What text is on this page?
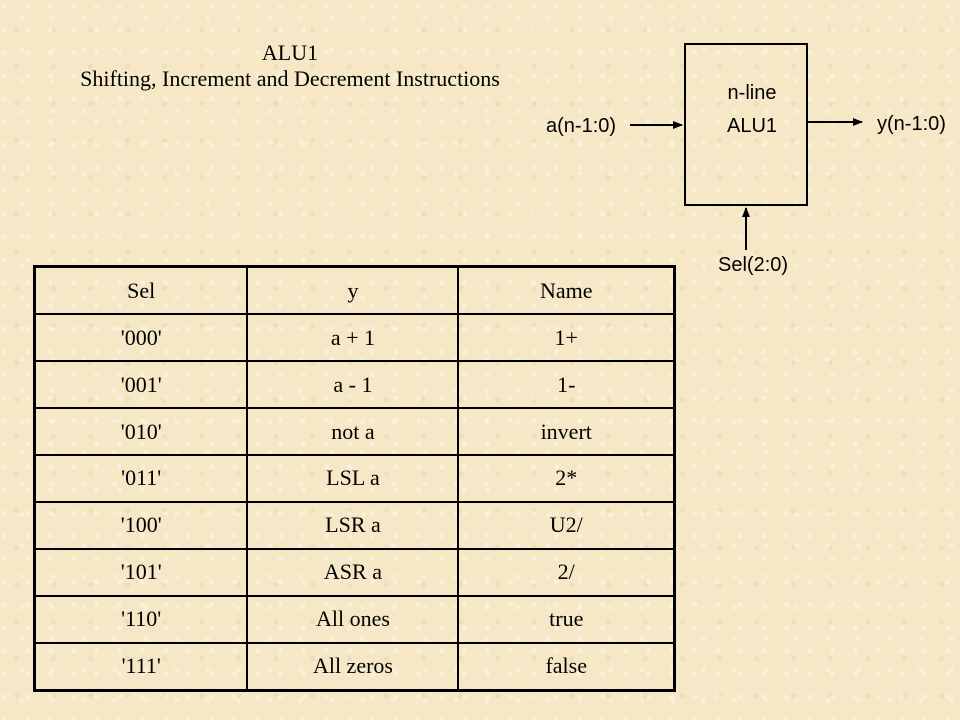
ALU1
Shifting, Increment and Decrement Instructions
n-line
ALU1
a(n-1:0)	y(n-1:0)
Sel(2:0)
Sel	y	Name
'000'	a + 1	1+
'001'	a - 1	1-
'010'	not a	invert
'011'	LSL a	2*
'100'	LSR a	U2/
'101'	ASR a	2/
'110'	All ones	true
'111'	All zeros	false
